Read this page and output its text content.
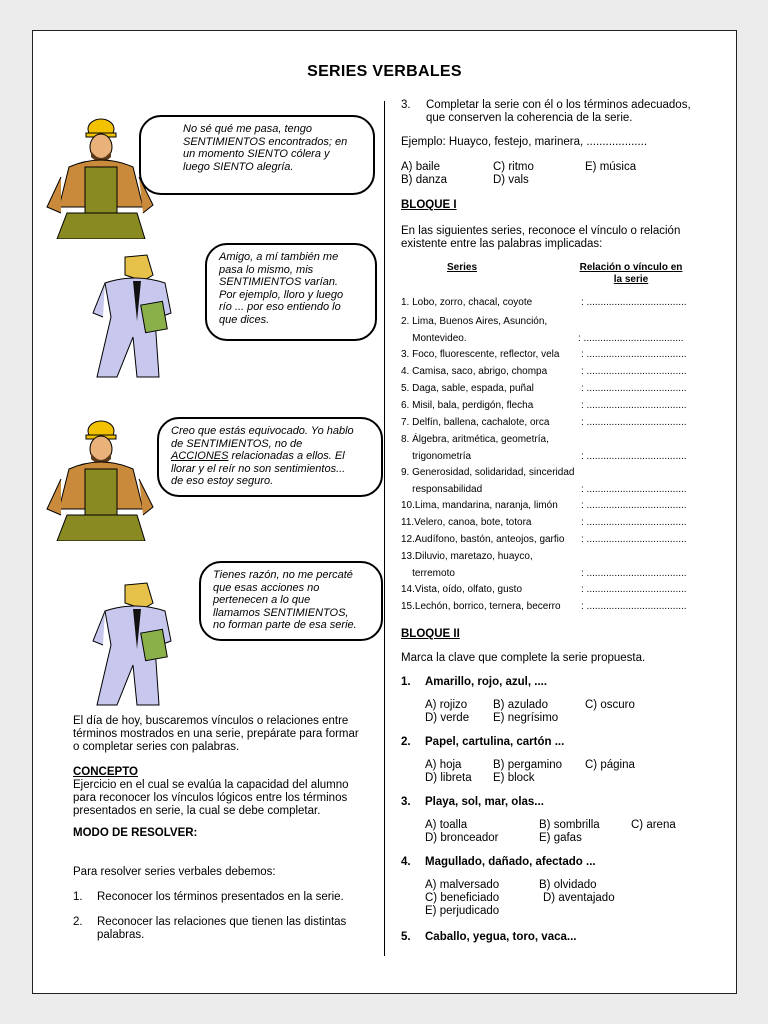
SERIES VERBALES
No sé qué me pasa, tengo
SENTIMIENTOS encontrados; en
un momento SIENTO cólera y
luego SIENTO alegría.
Amigo, a mí también me
pasa lo mismo, mis
SENTIMIENTOS varían.
Por ejemplo, lloro y luego
río ... por eso entiendo lo
que dices.
Creo que estás equivocado. Yo hablo
de SENTIMIENTOS, no de
ACCIONES relacionadas a ellos. El
llorar y el reír no son sentimientos...
de eso estoy seguro.
Tienes razón, no me percaté
que esas acciones no
pertenecen a lo que
llamamos SENTIMIENTOS,
no forman parte de esa serie.
El día de hoy, buscaremos vínculos o relaciones entre
términos mostrados en una serie, prepárate para formar
o completar series con palabras.
CONCEPTO
Ejercicio en el cual se evalúa la capacidad del alumno
para reconocer los vínculos lógicos entre los términos
presentados en serie, la cual se debe completar.
MODO DE RESOLVER:
Para resolver series verbales debemos:
1. Reconocer los términos presentados en la serie.
2. Reconocer las relaciones que tienen las distintas
palabras.
3. Completar la serie con él o los términos adecuados,
que conserven la coherencia de la serie.
Ejemplo: Huayco, festejo, marinera, ...................
A) baile	C) ritmo	E) música
B) danza	D) vals
BLOQUE I
En las siguientes series, reconoce el vínculo o relación
existente entre las palabras implicadas:
Series	Relación o vínculo en
la serie
1. Lobo, zorro, chacal, coyote	: ....................................
2. Lima, Buenos Aires, Asunción,
Montevideo.	: ....................................
3. Foco, fluorescente, reflector, vela : ....................................
4. Camisa, saco, abrigo, chompa	: ....................................
5. Daga, sable, espada, puñal	: ....................................
6. Misil, bala, perdigón, flecha	: ....................................
7. Delfín, ballena, cachalote, orca	: ....................................
8. Álgebra, aritmética, geometría,
trigonometría	: ....................................
9. Generosidad, solidaridad, sinceridad
responsabilidad	: ....................................
10.Lima, mandarina, naranja, limón : ....................................
11.Velero, canoa, bote, totora	: ....................................
12.Audífono, bastón, anteojos, garfio : ....................................
13.Diluvio, maretazo, huayco,
terremoto	: ....................................
14.Vista, oído, olfato, gusto	: ....................................
15.Lechón, borrico, ternera, becerro : ....................................
BLOQUE II
Marca la clave que complete la serie propuesta.
1. Amarillo, rojo, azul, ....
A) rojizo B) azulado	C) oscuro
D) verde E) negrísimo
2. Papel, cartulina, cartón ...
A) hoja	B) pergamino C) página
D) libreta E) block
3. Playa, sol, mar, olas...
A) toalla	B) sombrilla	C) arena
D) bronceador	E) gafas
4. Magullado, dañado, afectado ...
A) malversado	B) olvidado
C) beneficiado	D) aventajado
E) perjudicado
5. Caballo, yegua, toro, vaca...
